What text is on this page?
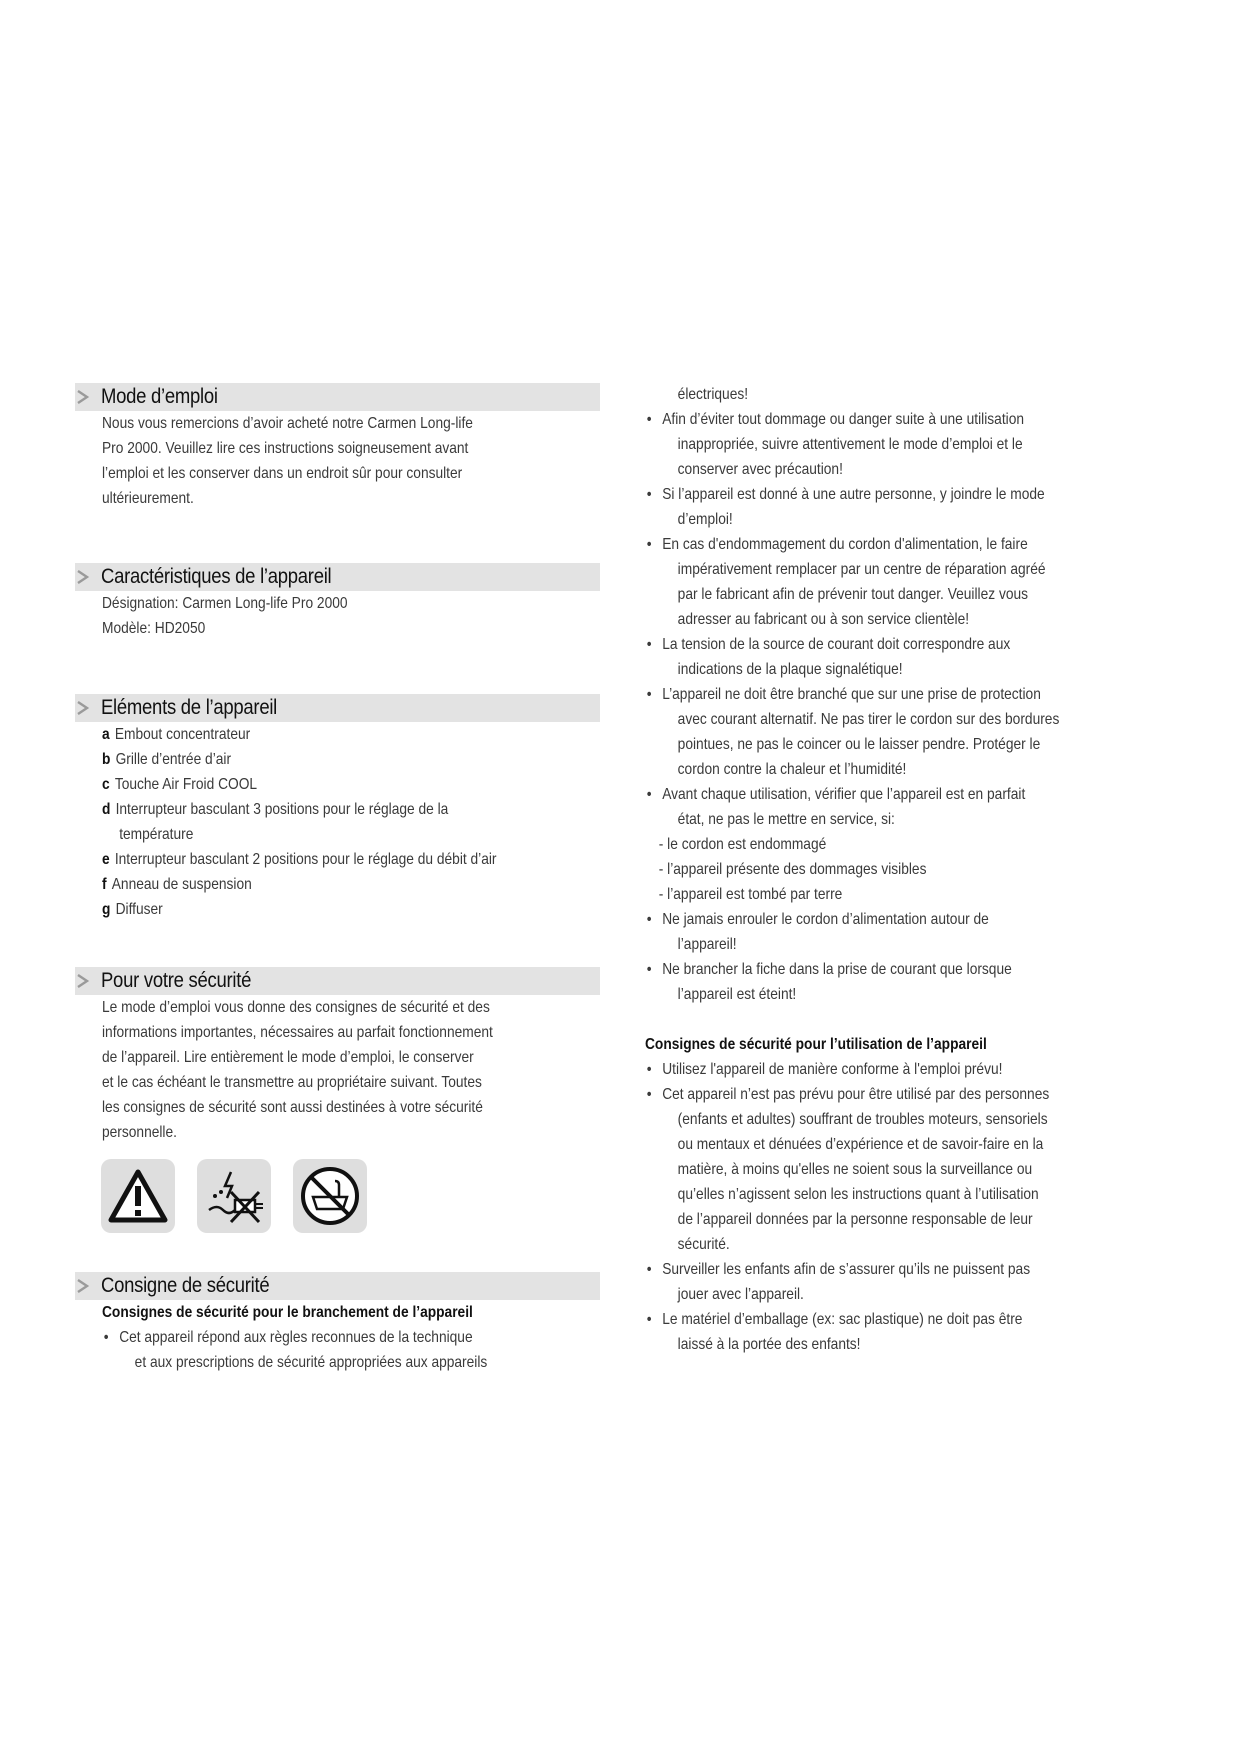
Mode d’emploi

Nous vous remercions d’avoir acheté notre Carmen Long-life

Pro 2000. Veuillez lire ces instructions soigneusement avant

l’emploi et les conserver dans un endroit sûr pour consulter

ultérieurement.

Caractéristiques de l’appareil

Désignation: Carmen Long-life Pro 2000

Modèle: HD2050

Eléments de l’appareil
a Embout concentrateur
b Grille d’entrée d’air
c Touche Air Froid COOL
d Interrupteur basculant 3 positions pour le réglage de la
température
e Interrupteur basculant 2 positions pour le réglage du débit d’air
f Anneau de suspension
g Diffuser
Pour votre sécurité

Le mode d’emploi vous donne des consignes de sécurité et des

informations importantes, nécessaires au parfait fonctionnement

de l’appareil. Lire entièrement le mode d’emploi, le conserver

et le cas échéant le transmettre au propriétaire suivant. Toutes

les consignes de sécurité sont aussi destinées à votre sécurité

personnelle.

Consigne de sécurité

Consignes de sécurité pour le branchement de l’appareil

• Cet appareil répond aux règles reconnues de la technique
et aux prescriptions de sécurité appropriées aux appareils

électriques!

• Afin d’éviter tout dommage ou danger suite à une utilisation
inappropriée, suivre attentivement le mode d’emploi et le
conserver avec précaution!
• Si l’appareil est donné à une autre personne, y joindre le mode
d’emploi!
• En cas d'endommagement du cordon d'alimentation, le faire
impérativement remplacer par un centre de réparation agréé
par le fabricant afin de prévenir tout danger. Veuillez vous
adresser au fabricant ou à son service clientèle!
• La tension de la source de courant doit correspondre aux
indications de la plaque signalétique!
• L’appareil ne doit être branché que sur une prise de protection
avec courant alternatif. Ne pas tirer le cordon sur des bordures
pointues, ne pas le coincer ou le laisser pendre. Protéger le
cordon contre la chaleur et l’humidité!
• Avant chaque utilisation, vérifier que l’appareil est en parfait
état, ne pas le mettre en service, si:
- le cordon est endommagé
- l’appareil présente des dommages visibles
- l’appareil est tombé par terre
• Ne jamais enrouler le cordon d’alimentation autour de
l’appareil!
• Ne brancher la fiche dans la prise de courant que lorsque
l’appareil est éteint!

Consignes de sécurité pour l’utilisation de l’appareil

• Utilisez l'appareil de manière conforme à l'emploi prévu!
• Cet appareil n’est pas prévu pour être utilisé par des personnes
(enfants et adultes) souffrant de troubles moteurs, sensoriels
ou mentaux et dénuées d’expérience et de savoir-faire en la
matière, à moins qu'elles ne soient sous la surveillance ou
qu’elles n’agissent selon les instructions quant à l’utilisation
de l’appareil données par la personne responsable de leur
sécurité.
• Surveiller les enfants afin de s’assurer qu’ils ne puissent pas
jouer avec l’appareil.
• Le matériel d’emballage (ex: sac plastique) ne doit pas être
laissé à la portée des enfants!
